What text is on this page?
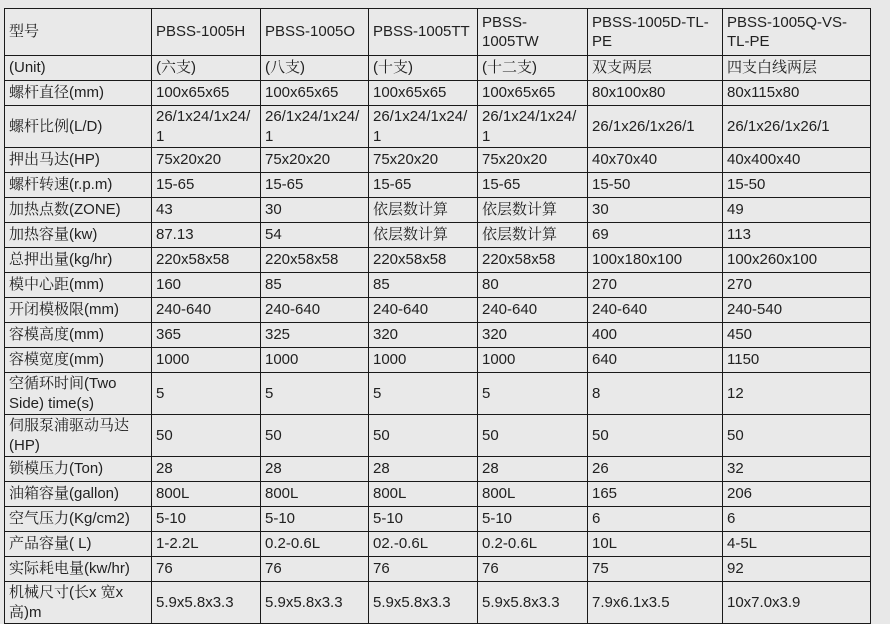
型号	PBSS-1005H	PBSS-1005O	PBSS-1005TT	PBSS-1005TW	PBSS-1005D-TL-PE	PBSS-1005Q-VS-TL-PE
(Unit)	(六支)	(八支)	(十支)	(十二支)	双支两层	四支白线两层
螺杆直径(mm)	100x65x65	100x65x65	100x65x65	100x65x65	80x100x80	80x115x80
螺杆比例(L/D)	26/1x24/1x24/1	26/1x24/1x24/1	26/1x24/1x24/1	26/1x24/1x24/1	26/1x26/1x26/1	26/1x26/1x26/1
押出马达(HP)	75x20x20	75x20x20	75x20x20	75x20x20	40x70x40	40x400x40
螺杆转速(r.p.m)	15-65	15-65	15-65	15-65	15-50	15-50
加热点数(ZONE)	43	30	依层数计算	依层数计算	30	49
加热容量(kw)	87.13	54	依层数计算	依层数计算	69	113
总押出量(kg/hr)	220x58x58	220x58x58	220x58x58	220x58x58	100x180x100	100x260x100
模中心距(mm)	160	85	85	80	270	270
开闭模极限(mm)	240-640	240-640	240-640	240-640	240-640	240-540
容模高度(mm)	365	325	320	320	400	450
容模宽度(mm)	1000	1000	1000	1000	640	1150
空循环时间(Two Side) time(s)	5	5	5	5	8	12
伺服泵浦驱动马达(HP)	50	50	50	50	50	50
锁模压力(Ton)	28	28	28	28	26	32
油箱容量(gallon)	800L	800L	800L	800L	165	206
空气压力(Kg/cm2)	5-10	5-10	5-10	5-10	6	6
产品容量( L)	1-2.2L	0.2-0.6L	02.-0.6L	0.2-0.6L	10L	4-5L
实际耗电量(kw/hr)	76	76	76	76	75	92
机械尺寸(长x 宽x 高)m	5.9x5.8x3.3	5.9x5.8x3.3	5.9x5.8x3.3	5.9x5.8x3.3	7.9x6.1x3.5	10x7.0x3.9
